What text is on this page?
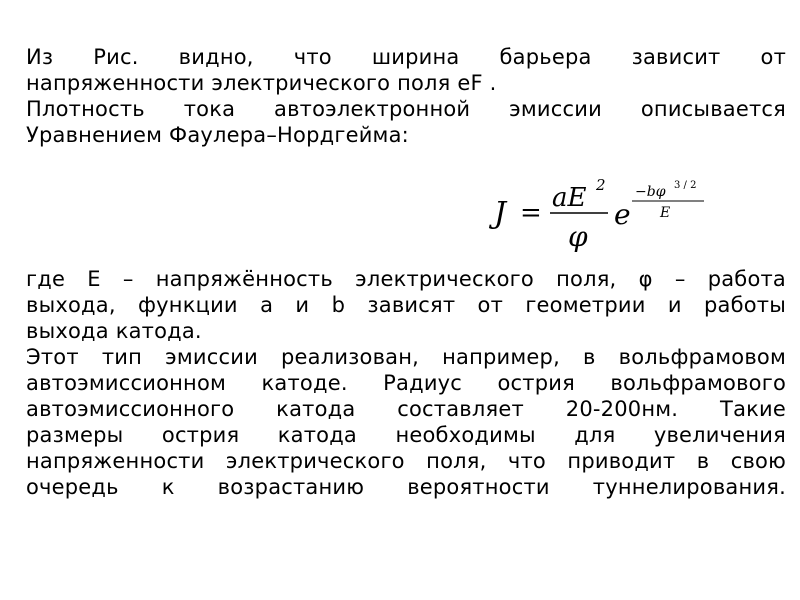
Из Рис. видно, что ширина барьера зависит от
напряженности электрического поля eF .
Плотность тока автоэлектронной эмиссии описывается
Уравнением Фаулера–Нордгейма:
J = aE 2
φ
e
−bφ 3 / 2
E
где E – напряжённость электрического поля, φ – работа
выхода, функции a и b зависят от геометрии и работы
выхода катода.
Этот тип эмиссии реализован, например, в вольфрамовом
автоэмиссионном катоде. Радиус острия вольфрамового
автоэмиссионного катода составляет 20-200нм. Такие
размеры острия катода необходимы для увеличения
напряженности электрического поля, что приводит в свою
очередь к возрастанию вероятности туннелирования.
